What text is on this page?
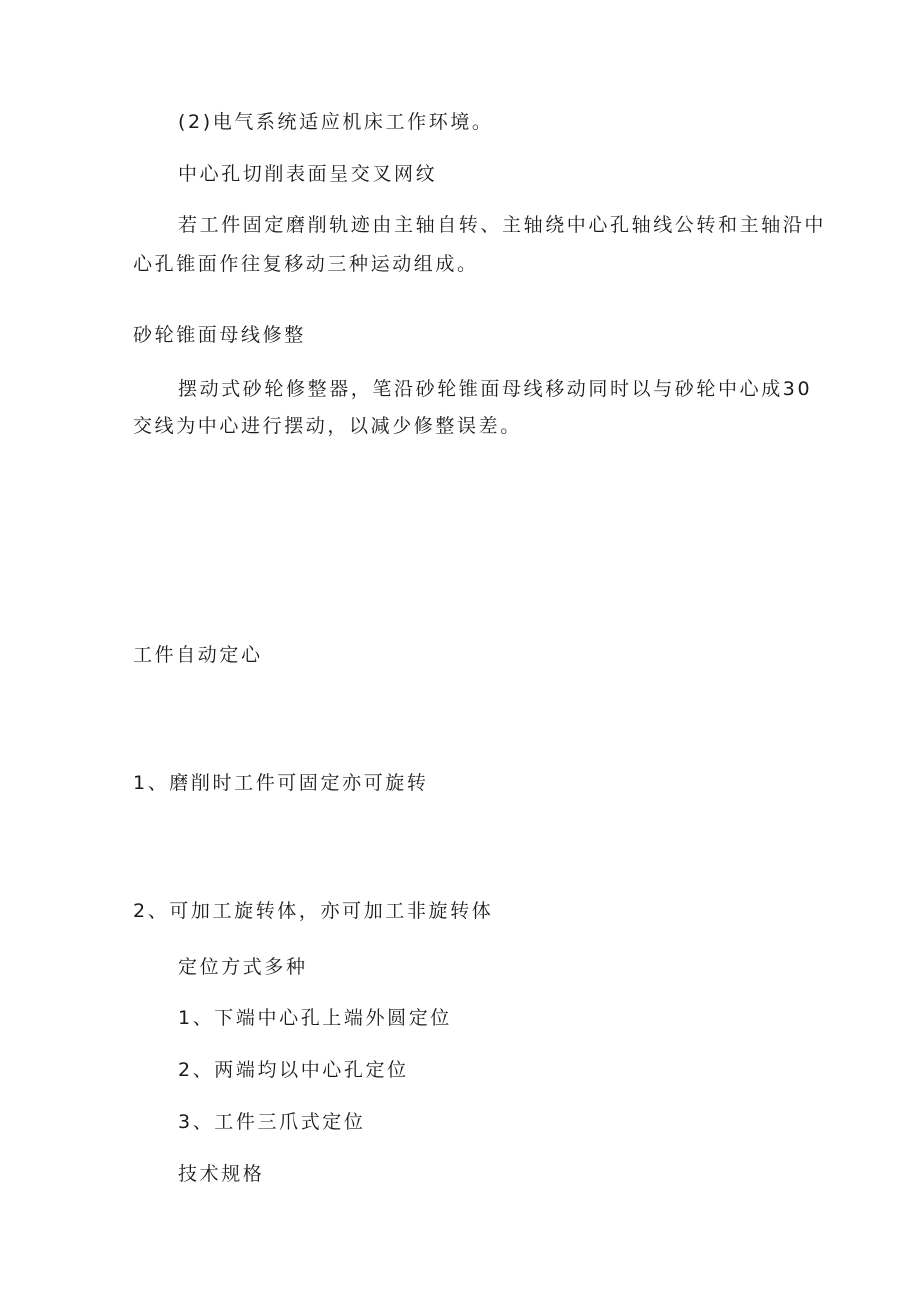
(2)电气系统适应机床工作环境。
中心孔切削表面呈交叉网纹
若工件固定磨削轨迹由主轴自转、主轴绕中心孔轴线公转和主轴沿中
心孔锥面作往复移动三种运动组成。
砂轮锥面母线修整
摆动式砂轮修整器，笔沿砂轮锥面母线移动同时以与砂轮中心成30
交线为中心进行摆动，以减少修整误差。
工件自动定心
1、磨削时工件可固定亦可旋转
2、可加工旋转体，亦可加工非旋转体
定位方式多种
1、下端中心孔上端外圆定位
2、两端均以中心孔定位
3、工件三爪式定位
技术规格
